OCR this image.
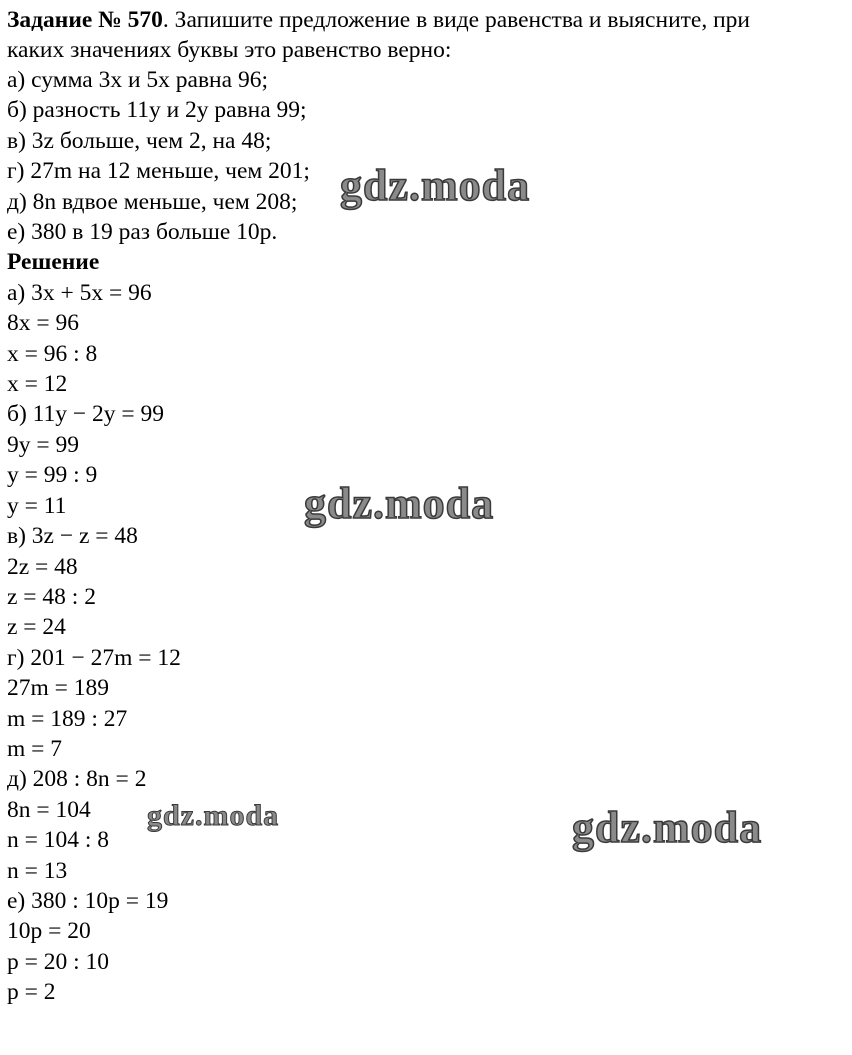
Задание № 570. Запишите предложение в виде равенства и выясните, при
каких значениях буквы это равенство верно:
а) сумма 3x и 5x равна 96;
б) разность 11y и 2y равна 99;
в) 3z больше, чем 2, на 48;
г) 27m на 12 меньше, чем 201;
д) 8n вдвое меньше, чем 208;
е) 380 в 19 раз больше 10p.
Решение
а) 3x + 5x = 96
8x = 96
x = 96 : 8
x = 12
б) 11y − 2y = 99
9y = 99
y = 99 : 9
y = 11
в) 3z − z = 48
2z = 48
z = 48 : 2
z = 24
г) 201 − 27m = 12
27m = 189
m = 189 : 27
m = 7
д) 208 : 8n = 2
8n = 104
n = 104 : 8
n = 13
е) 380 : 10p = 19
10p = 20
p = 20 : 10
p = 2
gdz.moda
gdz.moda
gdz.moda	gdz.moda
